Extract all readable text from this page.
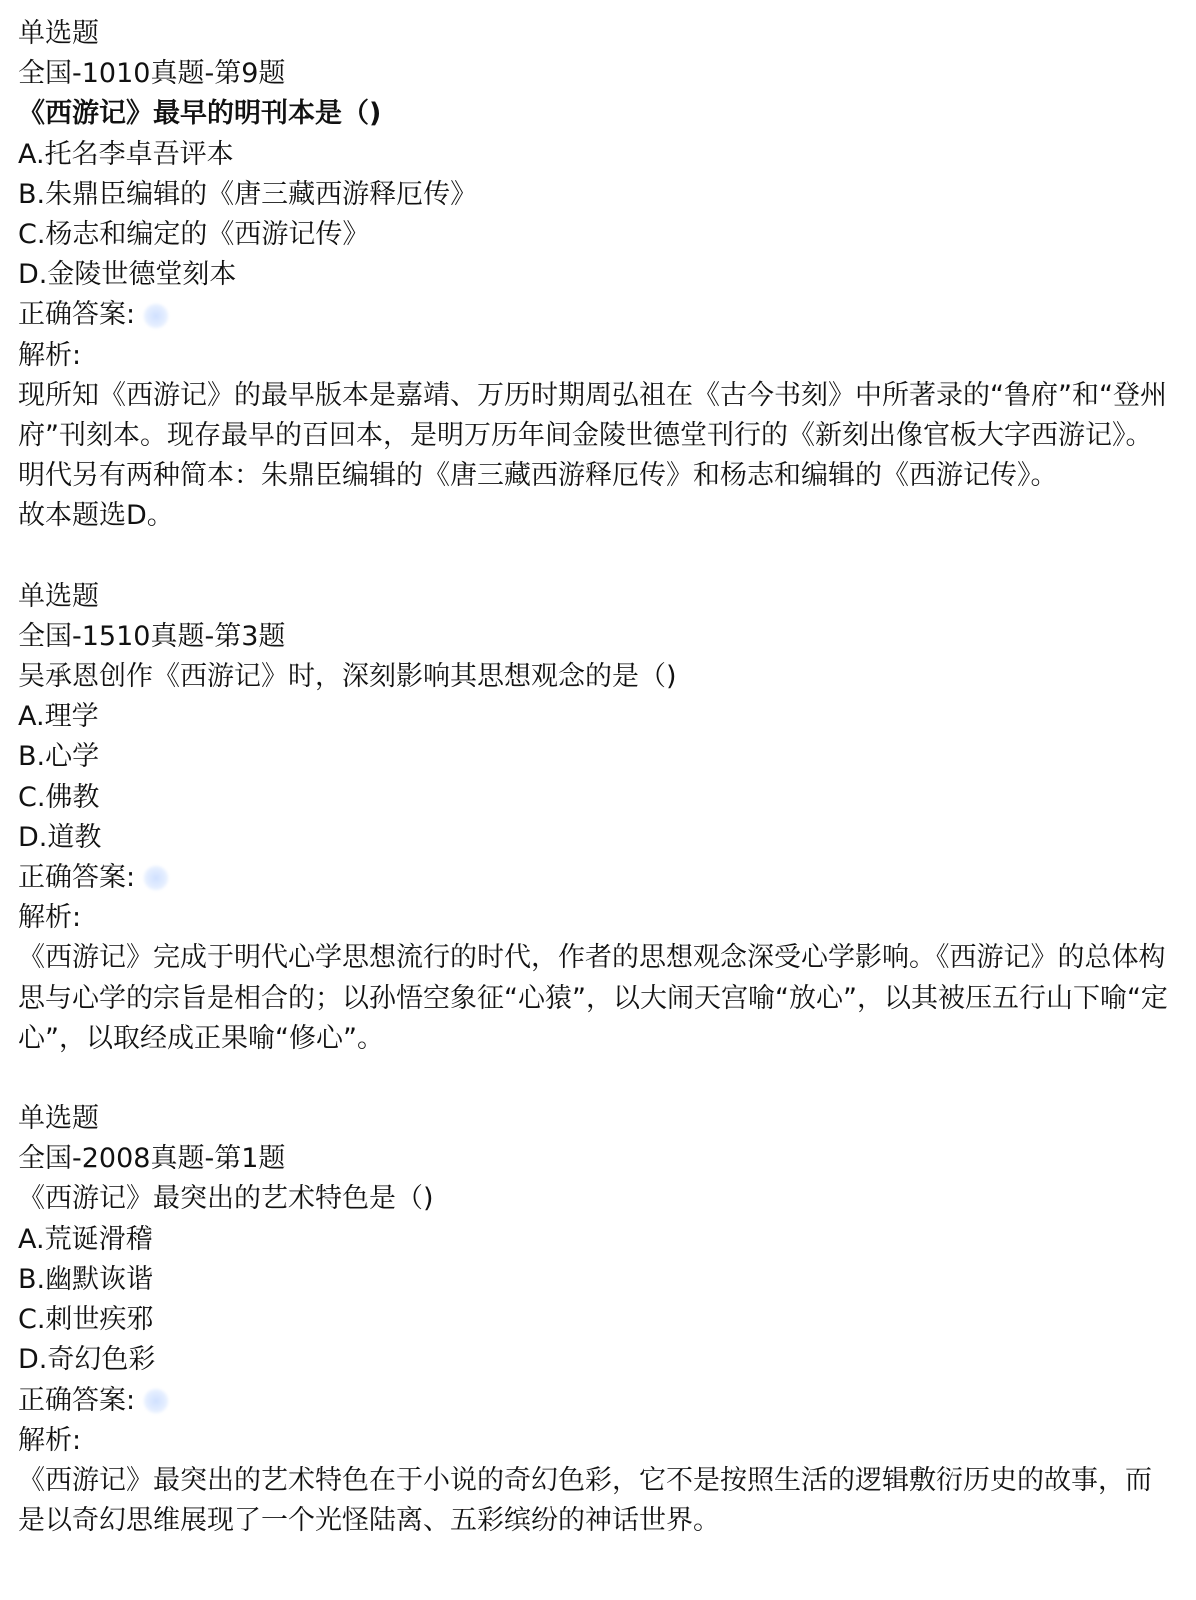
单选题
全国-1010真题-第9题
《西游记》最早的明刊本是（)
A.托名李卓吾评本
B.朱鼎臣编辑的《唐三藏西游释厄传》
C.杨志和编定的《西游记传》
D.金陵世德堂刻本
正确答案:
解析:
现所知《西游记》的最早版本是嘉靖、万历时期周弘祖在《古今书刻》中所著录的“鲁府”和“登州府”刊刻本。现存最早的百回本，是明万历年间金陵世德堂刊行的《新刻出像官板大字西游记》。明代另有两种简本：朱鼎臣编辑的《唐三藏西游释厄传》和杨志和编辑的《西游记传》。
故本题选D。
单选题
全国-1510真题-第3题
吴承恩创作《西游记》时，深刻影响其思想观念的是（)
A.理学
B.心学
C.佛教
D.道教
正确答案:
解析:
《西游记》完成于明代心学思想流行的时代，作者的思想观念深受心学影响。《西游记》的总体构思与心学的宗旨是相合的；以孙悟空象征“心猿”，以大闹天宫喻“放心”，以其被压五行山下喻“定心”，以取经成正果喻“修心”。
单选题
全国-2008真题-第1题
《西游记》最突出的艺术特色是（)
A.荒诞滑稽
B.幽默诙谐
C.刺世疾邪
D.奇幻色彩
正确答案:
解析:
《西游记》最突出的艺术特色在于小说的奇幻色彩，它不是按照生活的逻辑敷衍历史的故事，而是以奇幻思维展现了一个光怪陆离、五彩缤纷的神话世界。
